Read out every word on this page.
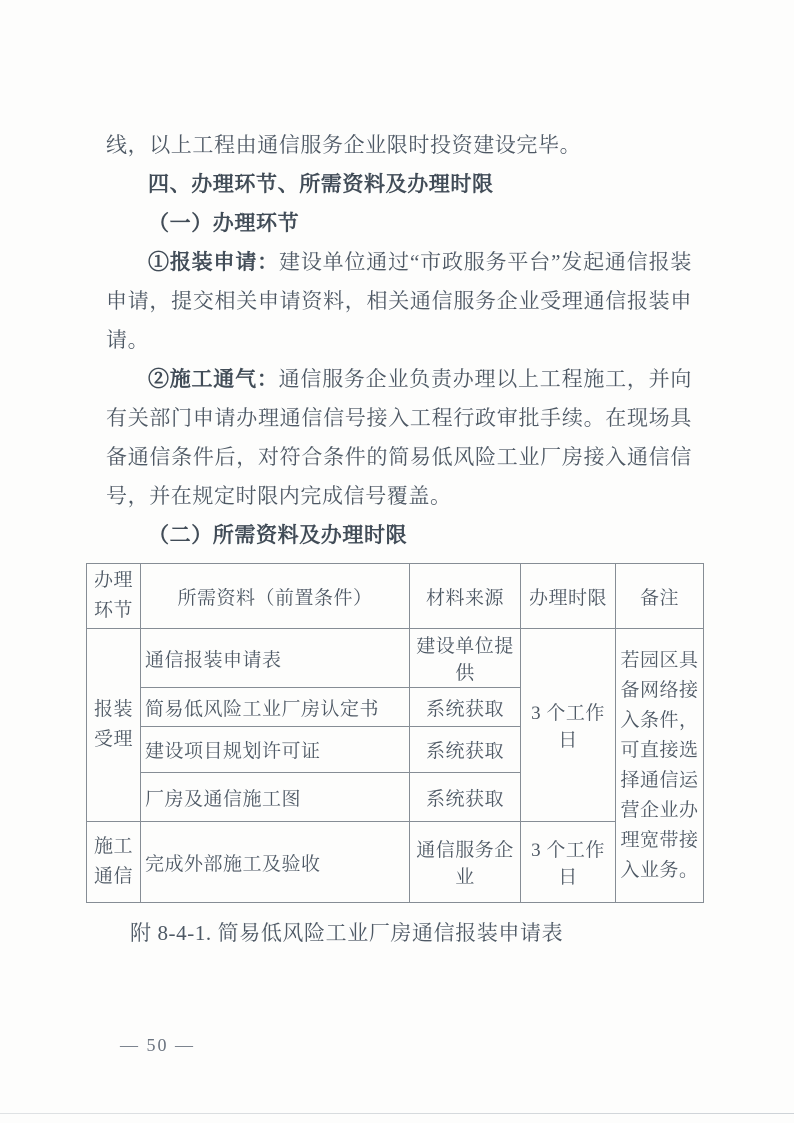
线，以上工程由通信服务企业限时投资建设完毕。

四、办理环节、所需资料及办理时限

（一）办理环节

①报装申请：建设单位通过“市政服务平台”发起通信报装申请，提交相关申请资料，相关通信服务企业受理通信报装申请。

②施工通气：通信服务企业负责办理以上工程施工，并向有关部门申请办理通信信号接入工程行政审批手续。在现场具备通信条件后，对符合条件的简易低风险工业厂房接入通信信号，并在规定时限内完成信号覆盖。

（二）所需资料及办理时限

办理环节	所需资料（前置条件）	材料来源	办理时限	备注
报装受理	通信报装申请表	建设单位提供	3 个工作日	若园区具备网络接入条件，可直接选择通信运营企业办理宽带接入业务。
	简易低风险工业厂房认定书	系统获取		
	建设项目规划许可证	系统获取		
	厂房及通信施工图	系统获取		
施工通信	完成外部施工及验收	通信服务企业	3 个工作日	

附 8-4-1. 简易低风险工业厂房通信报装申请表

— 50 —
